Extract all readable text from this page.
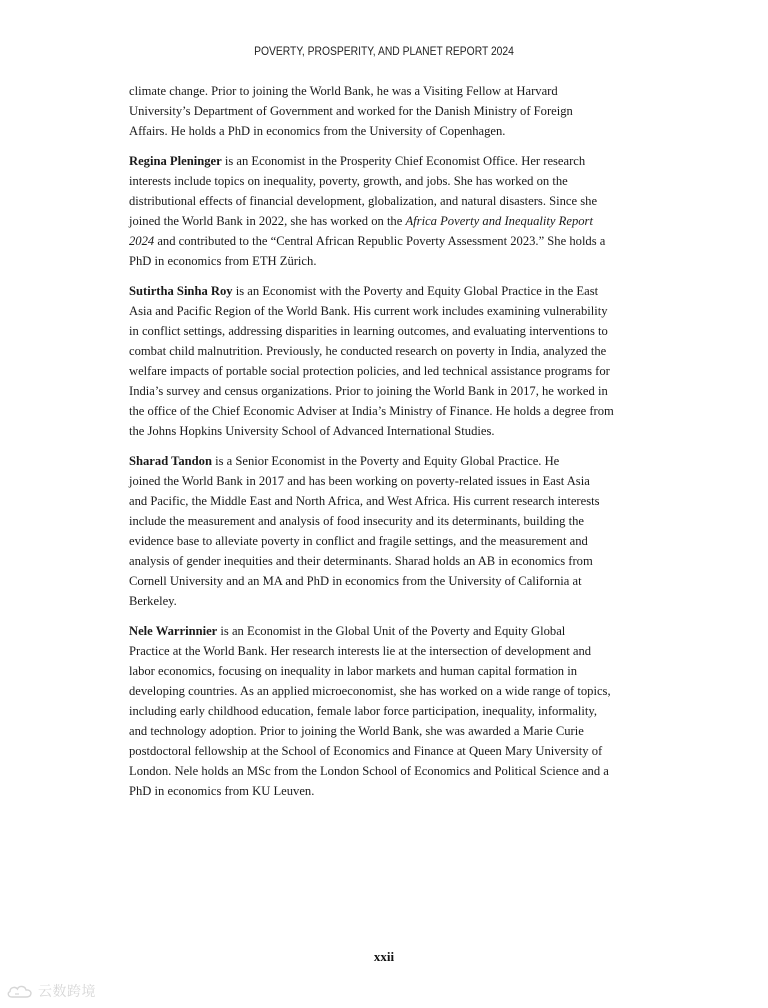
POVERTY, PROSPERITY, AND PLANET REPORT 2024

climate change. Prior to joining the World Bank, he was a Visiting Fellow at Harvard
University’s Department of Government and worked for the Danish Ministry of Foreign
Affairs. He holds a PhD in economics from the University of Copenhagen.

Regina Pleninger is an Economist in the Prosperity Chief Economist Office. Her research
interests include topics on inequality, poverty, growth, and jobs. She has worked on the
distributional effects of financial development, globalization, and natural disasters. Since she
joined the World Bank in 2022, she has worked on the Africa Poverty and Inequality Report
2024 and contributed to the “Central African Republic Poverty Assessment 2023.” She holds a
PhD in economics from ETH Zürich.

Sutirtha Sinha Roy is an Economist with the Poverty and Equity Global Practice in the East
Asia and Pacific Region of the World Bank. His current work includes examining vulnerability
in conflict settings, addressing disparities in learning outcomes, and evaluating interventions to
combat child malnutrition. Previously, he conducted research on poverty in India, analyzed the
welfare impacts of portable social protection policies, and led technical assistance programs for
India’s survey and census organizations. Prior to joining the World Bank in 2017, he worked in
the office of the Chief Economic Adviser at India’s Ministry of Finance. He holds a degree from
the Johns Hopkins University School of Advanced International Studies.

Sharad Tandon is a Senior Economist in the Poverty and Equity Global Practice. He
joined the World Bank in 2017 and has been working on poverty-related issues in East Asia
and Pacific, the Middle East and North Africa, and West Africa. His current research interests
include the measurement and analysis of food insecurity and its determinants, building the
evidence base to alleviate poverty in conflict and fragile settings, and the measurement and
analysis of gender inequities and their determinants. Sharad holds an AB in economics from
Cornell University and an MA and PhD in economics from the University of California at
Berkeley.

Nele Warrinnier is an Economist in the Global Unit of the Poverty and Equity Global
Practice at the World Bank. Her research interests lie at the intersection of development and
labor economics, focusing on inequality in labor markets and human capital formation in
developing countries. As an applied microeconomist, she has worked on a wide range of topics,
including early childhood education, female labor force participation, inequality, informality,
and technology adoption. Prior to joining the World Bank, she was awarded a Marie Curie
postdoctoral fellowship at the School of Economics and Finance at Queen Mary University of
London. Nele holds an MSc from the London School of Economics and Political Science and a
PhD in economics from KU Leuven.

xxii
云数跨境
